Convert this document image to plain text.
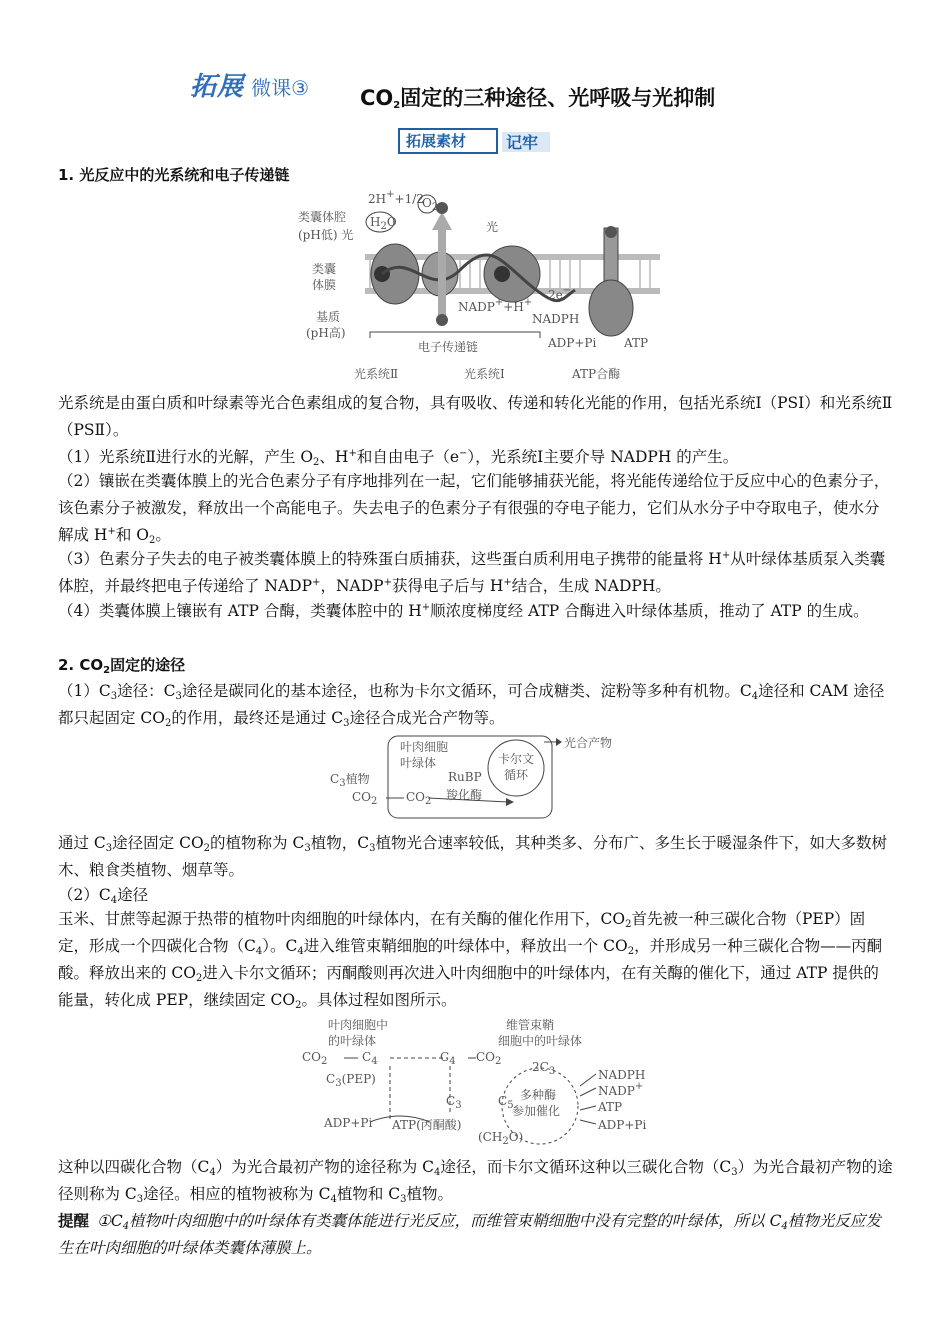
拓展 微课③ $CO_2$固定的三种途径、光呼吸与光抑制
拓展素材 记牢
1. 光反应中的光系统和电子传递链
类囊体腔
(pH低) 光
类囊
体膜
基质
(pH高)
2H++1/2
$O_2$
$H_2O$	光
NADP++H+
2e−
NADPH
ADP+Pi ATP
电子传递链
光系统Ⅱ	光系统Ⅰ	ATP合酶
光系统是由蛋白质和叶绿素等光合色素组成的复合物，具有吸收、传递和转化光能的作用，包括光系统Ⅰ（PSI）和光系统Ⅱ（PSⅡ）。
（1）光系统Ⅱ进行水的光解，产生 $O_2$、H+和自由电子（e−），光系统Ⅰ主要介导 NADPH 的产生。
（2）镶嵌在类囊体膜上的光合色素分子有序地排列在一起，它们能够捕获光能，将光能传递给位于反应中心的色素分子，该色素分子被激发，释放出一个高能电子。失去电子的色素分子有很强的夺电子能力，它们从水分子中夺取电子，使水分解成 H+和 $O_2$。
（3）色素分子失去的电子被类囊体膜上的特殊蛋白质捕获，这些蛋白质利用电子携带的能量将 H+从叶绿体基质泵入类囊体腔，并最终把电子传递给了 NADP+，NADP+获得电子后与 H+结合，生成 NADPH。
（4）类囊体膜上镶嵌有 ATP 合酶，类囊体腔中的 H+顺浓度梯度经 ATP 合酶进入叶绿体基质，推动了 ATP 的生成。
2. $CO_2$固定的途径
$(1)C_3$途径：$C_3$途径是碳同化的基本途径，也称为卡尔文循环，可合成糖类、淀粉等多种有机物。$C_4$途径和 CAM 途径都只起固定 $CO_2$的作用，最终还是通过 $C_3$途径合成光合产物等。
叶肉细胞
叶绿体	卡尔文
循环
光合产物
$C_3$植物	RuBP
羧化酶
$CO_2$ $CO_2$
通过 $C_3$途径固定 $CO_2$的植物称为 $C_3$植物，$C_3$植物光合速率较低，其种类多、分布广、多生长于暖湿条件下，如大多数树木、粮食类植物、烟草等。
$(2)C_4$途径
玉米、甘蔗等起源于热带的植物叶肉细胞的叶绿体内，在有关酶的催化作用下，$CO_2$首先被一种三碳化合物（PEP）固定，形成一个四碳化合物$(C_4)$。$C_4$进入维管束鞘细胞的叶绿体中，释放出一个 $CO_2$，并形成另一种三碳化合物——丙酮酸。释放出来的 $CO_2$进入卡尔文循环；丙酮酸则再次进入叶肉细胞中的叶绿体内，在有关酶的催化下，通过 ATP 提供的能量，转化成 PEP，继续固定 $CO_2$。具体过程如图所示。
叶肉细胞中
的叶绿体
维管束鞘
细胞中的叶绿体
$CO_2$	$C_4$	$C_4$ $CO_2$
$C_3(PEP)$
ADP+Pi ATP(丙酮酸)
$C_3$
$2C_3$
$C_5$
多种酶
参加催化
NADPH
NADP+
ATP
ADP+Pi
$(CH_2O)$
这种以四碳化合物$(C_4)$为光合最初产物的途径称为 $C_4$途径，而卡尔文循环这种以三碳化合物$(C_3)$为光合最初产物的途径则称为 $C_3$途径。相应的植物被称为 $C_4$植物和 $C_3$植物。
提醒 $①C_4$植物叶肉细胞中的叶绿体有类囊体能进行光反应，而维管束鞘细胞中没有完整的叶绿体，所以 $C_4$植物光反应发生在叶肉细胞的叶绿体类囊体薄膜上。
